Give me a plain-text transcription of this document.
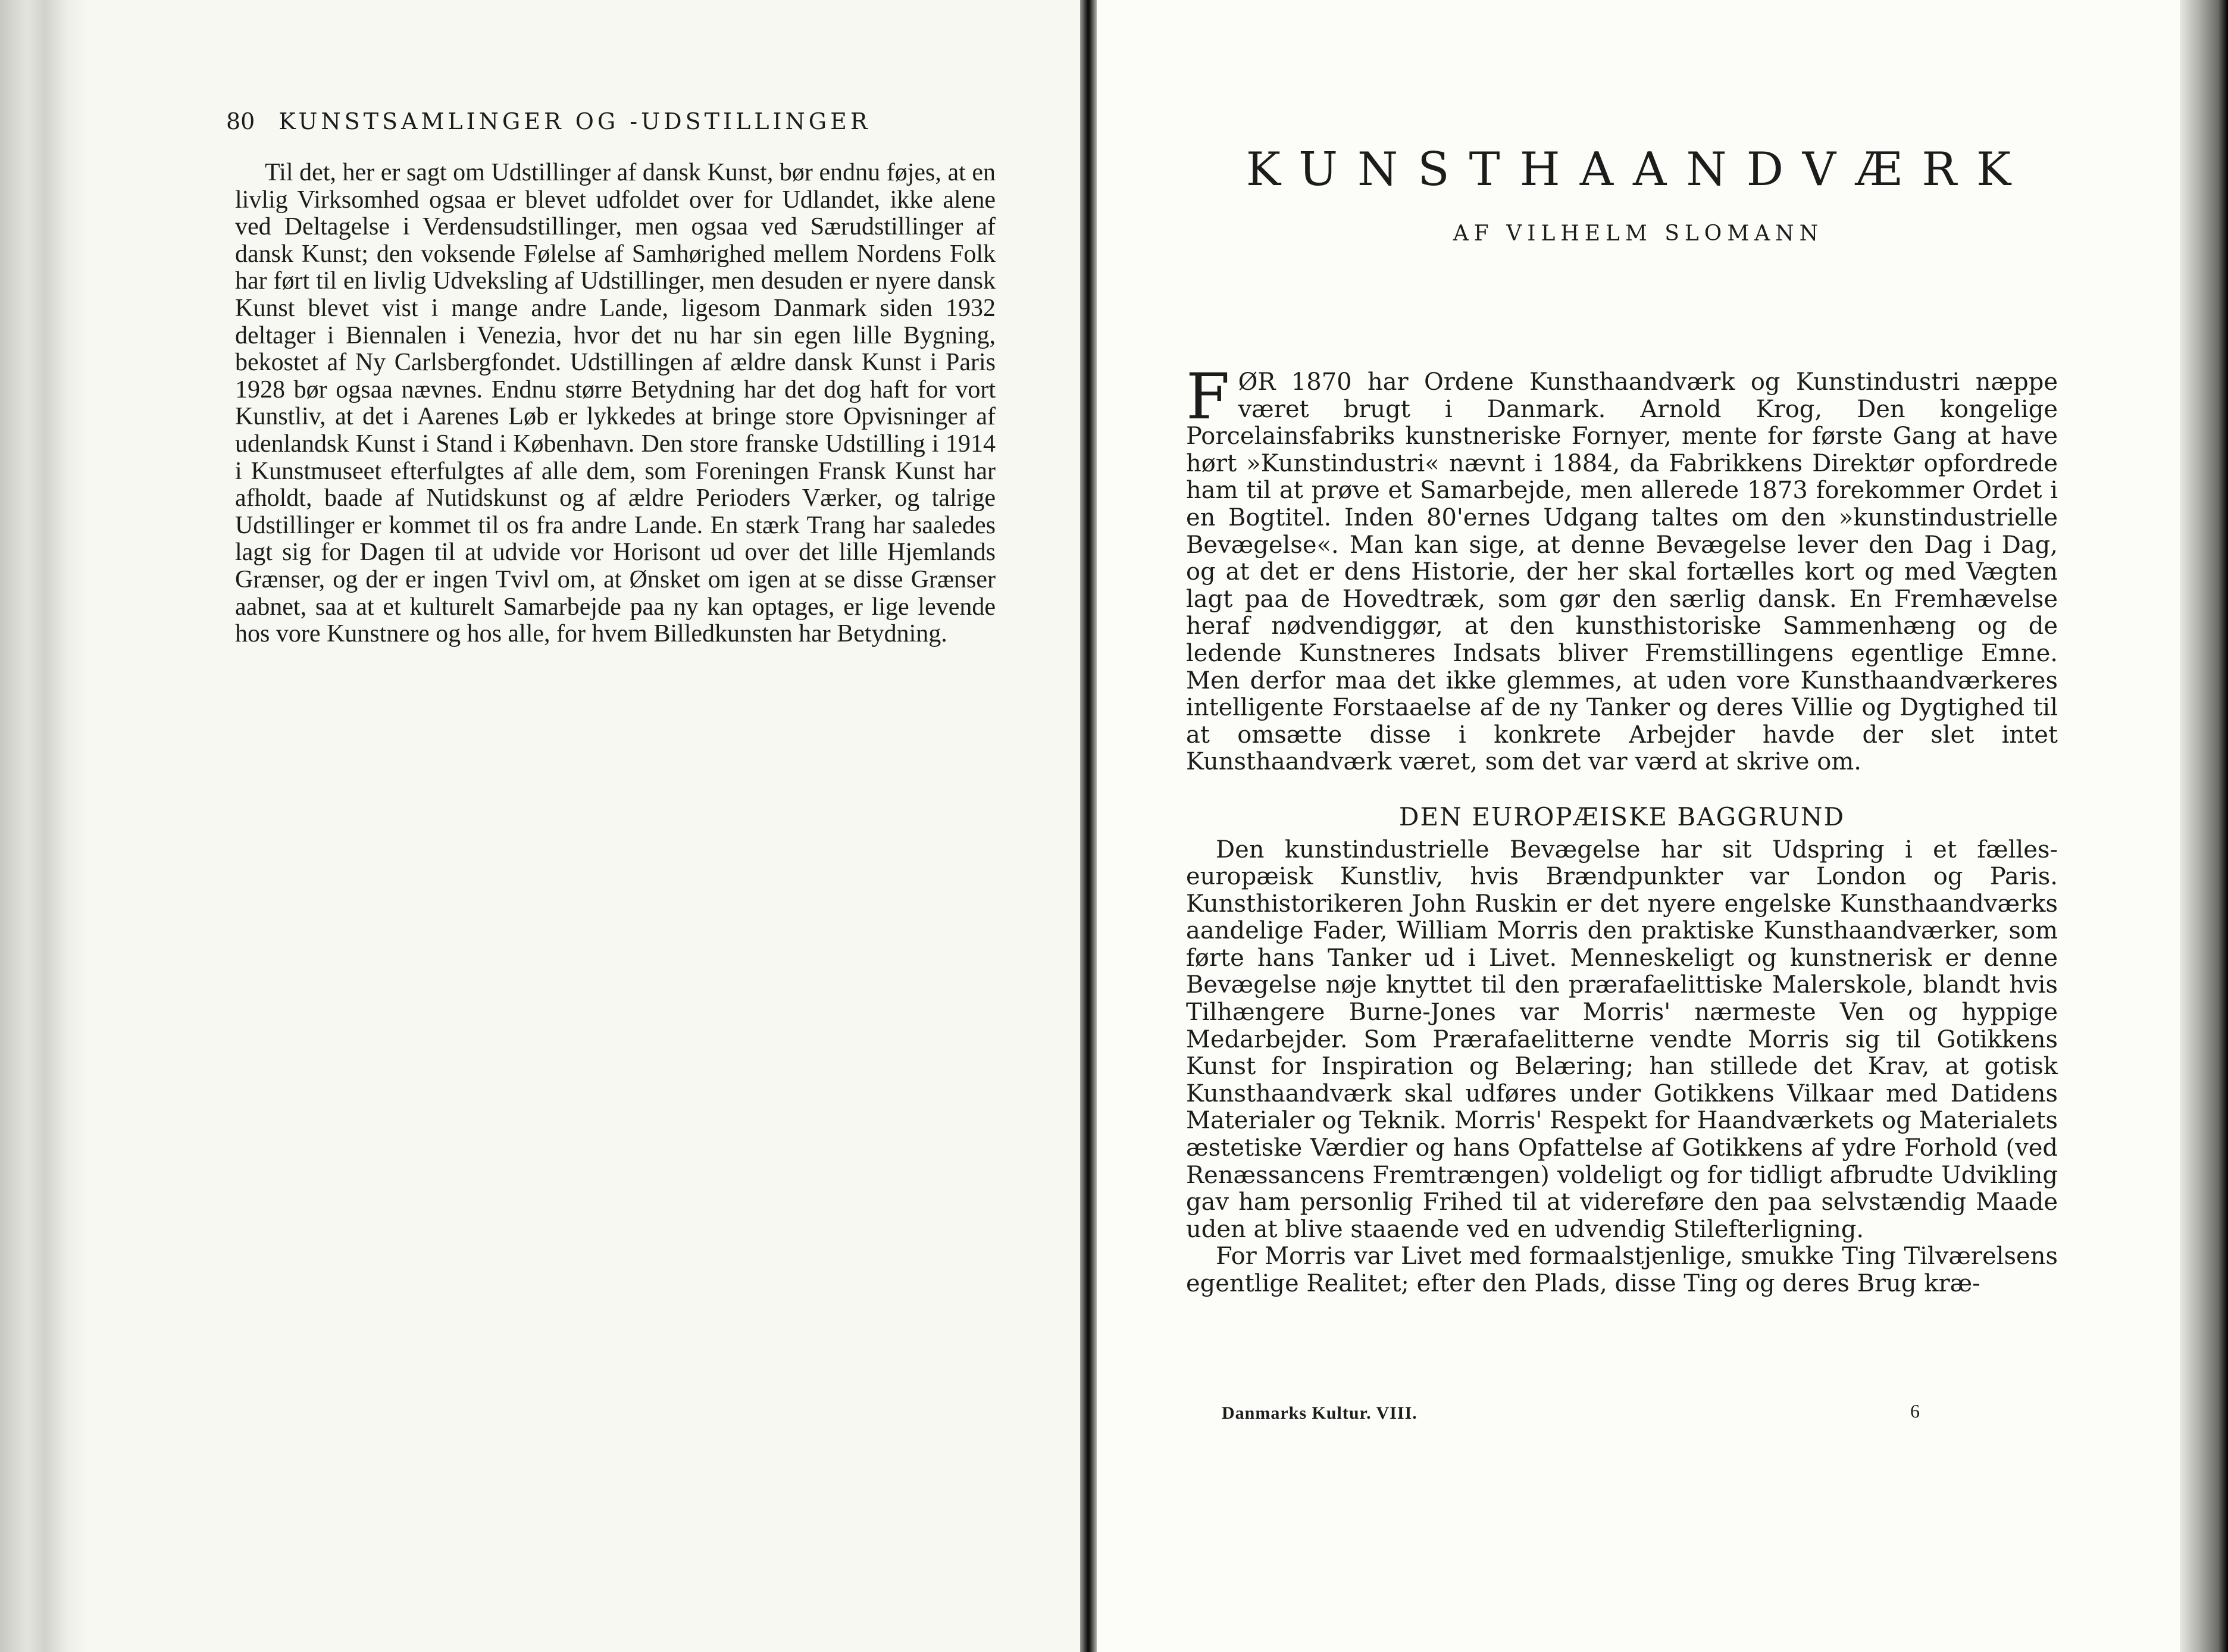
80 KUNSTSAMLINGER OG -UDSTILLINGER

Til det, her er sagt om Udstillinger af dansk Kunst, bør endnu føjes, at en livlig Virksomhed ogsaa er blevet udfoldet over for Udlandet, ikke alene ved Deltagelse i Verdensudstillinger, men ogsaa ved Særudstillinger af dansk Kunst; den voksende Følelse af Samhørighed mellem Nordens Folk har ført til en livlig Udveksling af Udstillinger, men desuden er nyere dansk Kunst blevet vist i mange andre Lande, ligesom Danmark siden 1932 deltager i Biennalen i Venezia, hvor det nu har sin egen lille Bygning, bekostet af Ny Carlsbergfondet. Udstillingen af ældre dansk Kunst i Paris 1928 bør ogsaa nævnes. Endnu større Betydning har det dog haft for vort Kunstliv, at det i Aarenes Løb er lykkedes at bringe store Opvisninger af udenlandsk Kunst i Stand i København. Den store franske Udstilling i 1914 i Kunstmuseet efterfulgtes af alle dem, som Foreningen Fransk Kunst har afholdt, baade af Nutidskunst og af ældre Perioders Værker, og talrige Udstillinger er kommet til os fra andre Lande. En stærk Trang har saaledes lagt sig for Dagen til at udvide vor Horisont ud over det lille Hjemlands Grænser, og der er ingen Tvivl om, at Ønsket om igen at se disse Grænser aabnet, saa at et kulturelt Samarbejde paa ny kan optages, er lige levende hos vore Kunstnere og hos alle, for hvem Billedkunsten har Betydning.

KUNSTHAANDVÆRK
AF VILHELM SLOMANN

FØR 1870 har Ordene Kunsthaandværk og Kunstindustri næppe været brugt i Danmark. Arnold Krog, Den kongelige Porcelainsfabriks kunstneriske Fornyer, mente for første Gang at have hørt »Kunstindustri« nævnt i 1884, da Fabrikkens Direktør opfordrede ham til at prøve et Samarbejde, men allerede 1873 forekommer Ordet i en Bogtitel. Inden 80'ernes Udgang taltes om den »kunstindustrielle Bevægelse«. Man kan sige, at denne Bevægelse lever den Dag i Dag, og at det er dens Historie, der her skal fortælles kort og med Vægten lagt paa de Hovedtræk, som gør den særlig dansk. En Fremhævelse heraf nødvendiggør, at den kunsthistoriske Sammenhæng og de ledende Kunstneres Indsats bliver Fremstillingens egentlige Emne. Men derfor maa det ikke glemmes, at uden vore Kunsthaandværkeres intelligente Forstaaelse af de ny Tanker og deres Villie og Dygtighed til at omsætte disse i konkrete Arbejder havde der slet intet Kunsthaandværk været, som det var værd at skrive om.

DEN EUROPÆISKE BAGGRUND

Den kunstindustrielle Bevægelse har sit Udspring i et fælles-europæisk Kunstliv, hvis Brændpunkter var London og Paris. Kunsthistorikeren John Ruskin er det nyere engelske Kunsthaandværks aandelige Fader, William Morris den praktiske Kunsthaandværker, som førte hans Tanker ud i Livet. Menneskeligt og kunstnerisk er denne Bevægelse nøje knyttet til den prærafaelittiske Malerskole, blandt hvis Tilhængere Burne-Jones var Morris' nærmeste Ven og hyppige Medarbejder. Som Prærafaelitterne vendte Morris sig til Gotikkens Kunst for Inspiration og Belæring; han stillede det Krav, at gotisk Kunsthaandværk skal udføres under Gotikkens Vilkaar med Datidens Materialer og Teknik. Morris' Respekt for Haandværkets og Materialets æstetiske Værdier og hans Opfattelse af Gotikkens af ydre Forhold (ved Renæssancens Fremtrængen) voldeligt og for tidligt afbrudte Udvikling gav ham personlig Frihed til at videreføre den paa selvstændig Maade uden at blive staaende ved en udvendig Stilefterligning.

For Morris var Livet med formaalstjenlige, smukke Ting Tilværelsens egentlige Realitet; efter den Plads, disse Ting og deres Brug kræ-

Danmarks Kultur. VIII.	6
